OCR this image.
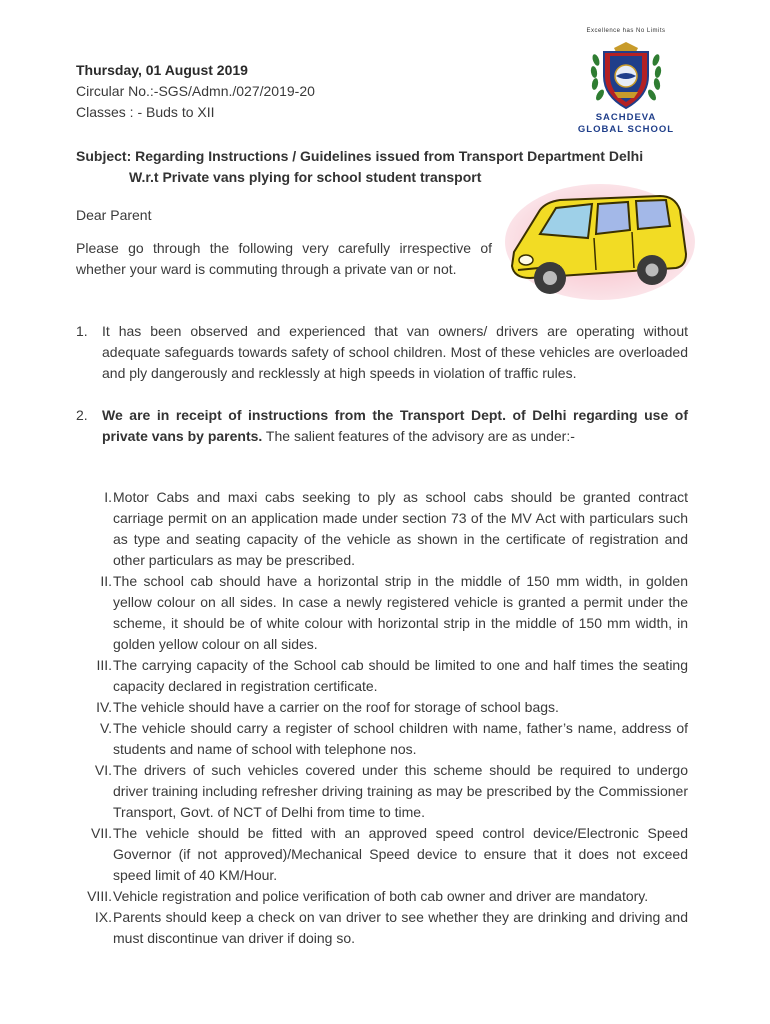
Thursday, 01 August 2019
Circular No.:-SGS/Admn./027/2019-20
Classes : - Buds to XII
Excellence has No Limits
SACHDEVA
GLOBAL SCHOOL
Subject: Regarding Instructions / Guidelines issued from Transport Department Delhi
W.r.t Private vans plying for school student transport
Dear Parent
Please go through the following very carefully irrespective of whether your ward is commuting through a private van or not.
1.	It has been observed and experienced that van owners/ drivers are operating without adequate safeguards towards safety of school children. Most of these vehicles are overloaded and ply dangerously and recklessly at high speeds in violation of traffic rules.
2.	We are in receipt of instructions from the Transport Dept. of Delhi regarding use of private vans by parents. The salient features of the advisory are as under:-
I. Motor Cabs and maxi cabs seeking to ply as school cabs should be granted contract carriage permit on an application made under section 73 of the MV Act with particulars such as type and seating capacity of the vehicle as shown in the certificate of registration and other particulars as may be prescribed.
II. The school cab should have a horizontal strip in the middle of 150 mm width, in golden yellow colour on all sides. In case a newly registered vehicle is granted a permit under the scheme, it should be of white colour with horizontal strip in the middle of 150 mm width, in golden yellow colour on all sides.
III. The carrying capacity of the School cab should be limited to one and half times the seating capacity declared in registration certificate.
IV. The vehicle should have a carrier on the roof for storage of school bags.
V. The vehicle should carry a register of school children with name, father’s name, address of students and name of school with telephone nos.
VI. The drivers of such vehicles covered under this scheme should be required to undergo driver training including refresher driving training as may be prescribed by the Commissioner Transport, Govt. of NCT of Delhi from time to time.
VII. The vehicle should be fitted with an approved speed control device/Electronic Speed Governor (if not approved)/Mechanical Speed device to ensure that it does not exceed speed limit of 40 KM/Hour.
VIII. Vehicle registration and police verification of both cab owner and driver are mandatory.
IX. Parents should keep a check on van driver to see whether they are drinking and driving and must discontinue van driver if doing so.
